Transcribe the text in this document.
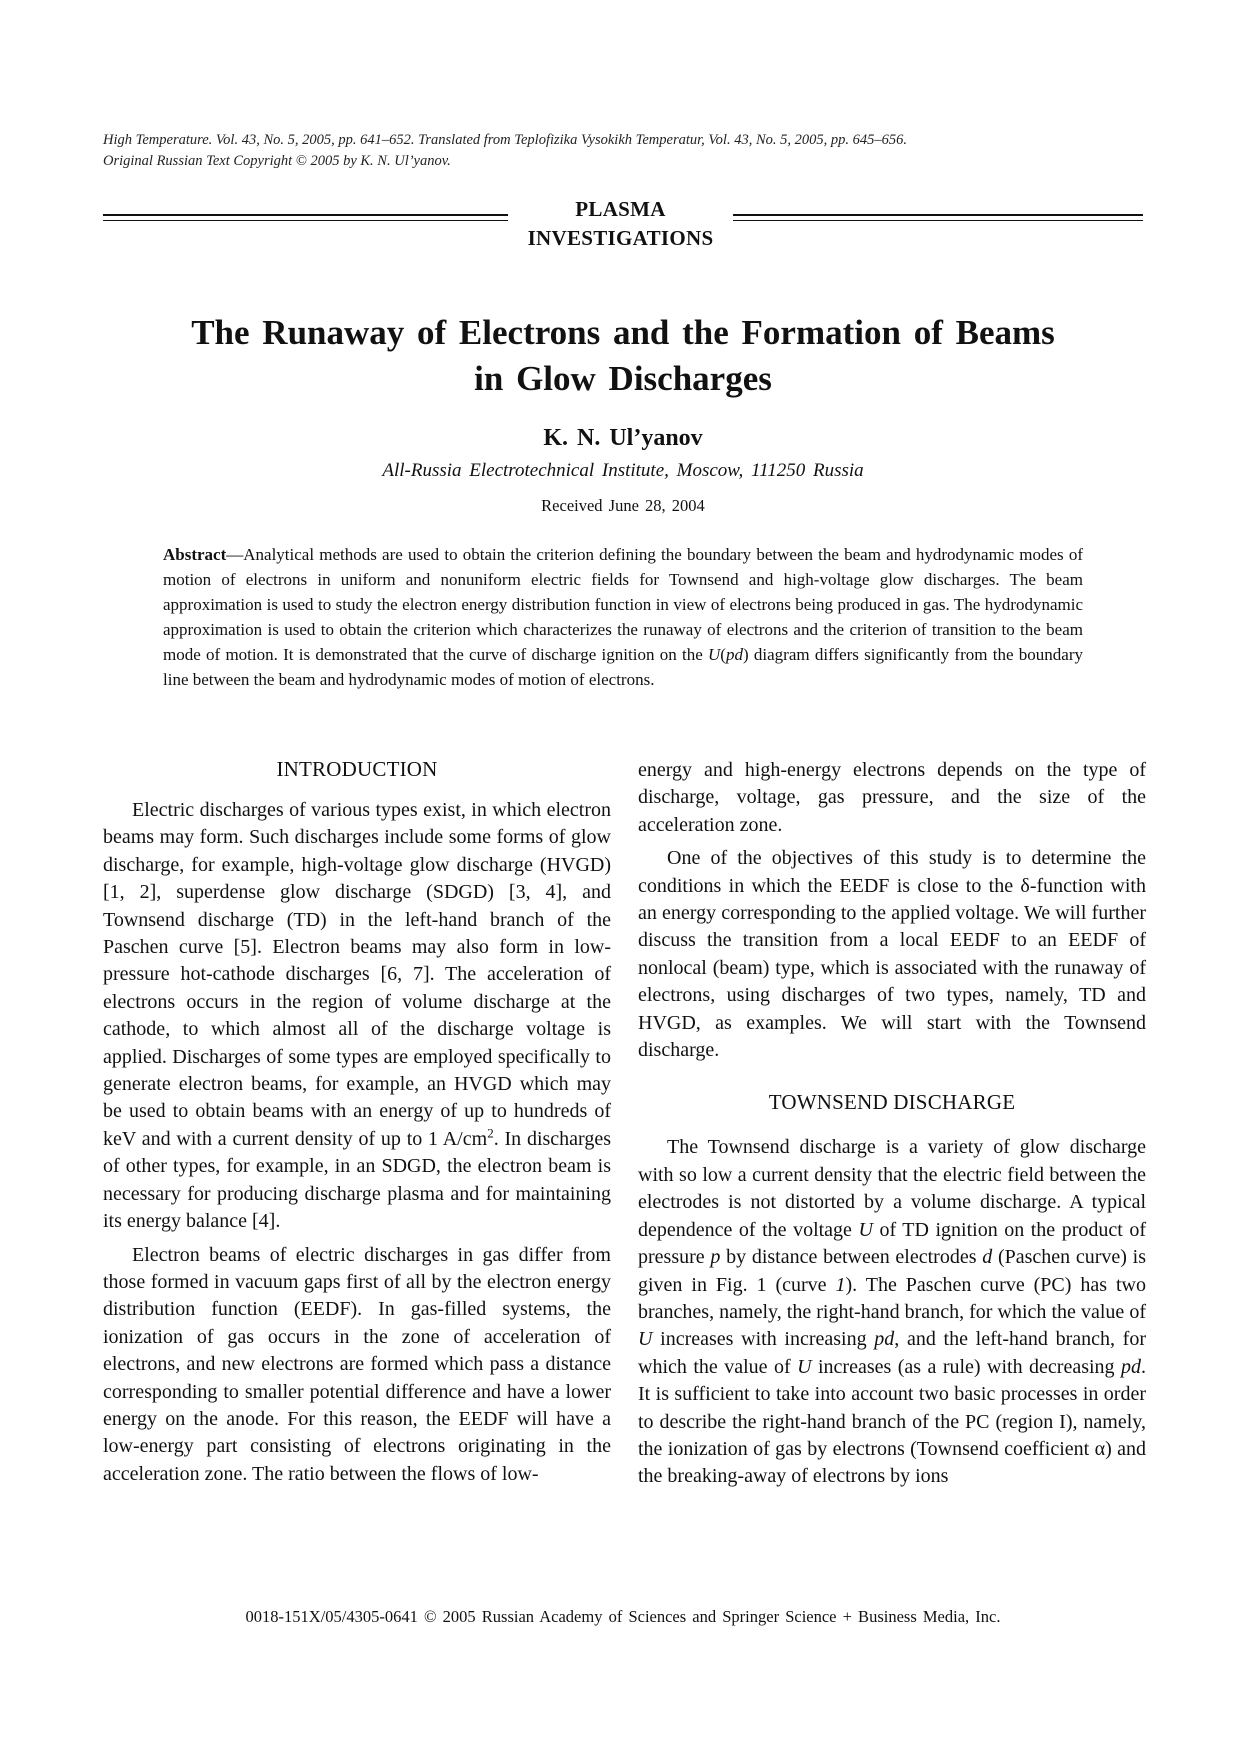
High Temperature. Vol. 43, No. 5, 2005, pp. 641–652. Translated from Teplofizika Vysokikh Temperatur, Vol. 43, No. 5, 2005, pp. 645–656.
Original Russian Text Copyright © 2005 by K. N. Ul’yanov.
PLASMA
INVESTIGATIONS
The Runaway of Electrons and the Formation of Beams
in Glow Discharges
K. N. Ul’yanov
All-Russia Electrotechnical Institute, Moscow, 111250 Russia
Received June 28, 2004

Abstract—Analytical methods are used to obtain the criterion defining the boundary between the beam and hydrodynamic modes of motion of electrons in uniform and nonuniform electric fields for Townsend and high-voltage glow discharges. The beam approximation is used to study the electron energy distribution function in view of electrons being produced in gas. The hydrodynamic approximation is used to obtain the criterion which characterizes the runaway of electrons and the criterion of transition to the beam mode of motion. It is demonstrated that the curve of discharge ignition on the U(pd) diagram differs significantly from the boundary line between the beam and hydrodynamic modes of motion of electrons.

INTRODUCTION

Electric discharges of various types exist, in which electron beams may form. Such discharges include some forms of glow discharge, for example, high-voltage glow discharge (HVGD) [1, 2], superdense glow discharge (SDGD) [3, 4], and Townsend discharge (TD) in the left-hand branch of the Paschen curve [5]. Electron beams may also form in low-pressure hot-cathode discharges [6, 7]. The acceleration of electrons occurs in the region of volume discharge at the cathode, to which almost all of the discharge voltage is applied. Discharges of some types are employed specifically to generate electron beams, for example, an HVGD which may be used to obtain beams with an energy of up to hundreds of keV and with a current density of up to 1 $A/cm^2$. In discharges of other types, for example, in an SDGD, the electron beam is necessary for producing discharge plasma and for maintaining its energy balance [4].

Electron beams of electric discharges in gas differ from those formed in vacuum gaps first of all by the electron energy distribution function (EEDF). In gas-filled systems, the ionization of gas occurs in the zone of acceleration of electrons, and new electrons are formed which pass a distance corresponding to smaller potential difference and have a lower energy on the anode. For this reason, the EEDF will have a low-energy part consisting of electrons originating in the acceleration zone. The ratio between the flows of low-

energy and high-energy electrons depends on the type of discharge, voltage, gas pressure, and the size of the acceleration zone.

One of the objectives of this study is to determine the conditions in which the EEDF is close to the δ-function with an energy corresponding to the applied voltage. We will further discuss the transition from a local EEDF to an EEDF of nonlocal (beam) type, which is associated with the runaway of electrons, using discharges of two types, namely, TD and HVGD, as examples. We will start with the Townsend discharge.

TOWNSEND DISCHARGE

The Townsend discharge is a variety of glow discharge with so low a current density that the electric field between the electrodes is not distorted by a volume discharge. A typical dependence of the voltage U of TD ignition on the product of pressure p by distance between electrodes d (Paschen curve) is given in Fig. 1 (curve 1). The Paschen curve (PC) has two branches, namely, the right-hand branch, for which the value of U increases with increasing pd, and the left-hand branch, for which the value of U increases (as a rule) with decreasing pd. It is sufficient to take into account two basic processes in order to describe the right-hand branch of the PC (region I), namely, the ionization of gas by electrons (Townsend coefficient α) and the breaking-away of electrons by ions

0018-151X/05/4305-0641 © 2005 Russian Academy of Sciences and Springer Science + Business Media, Inc.
